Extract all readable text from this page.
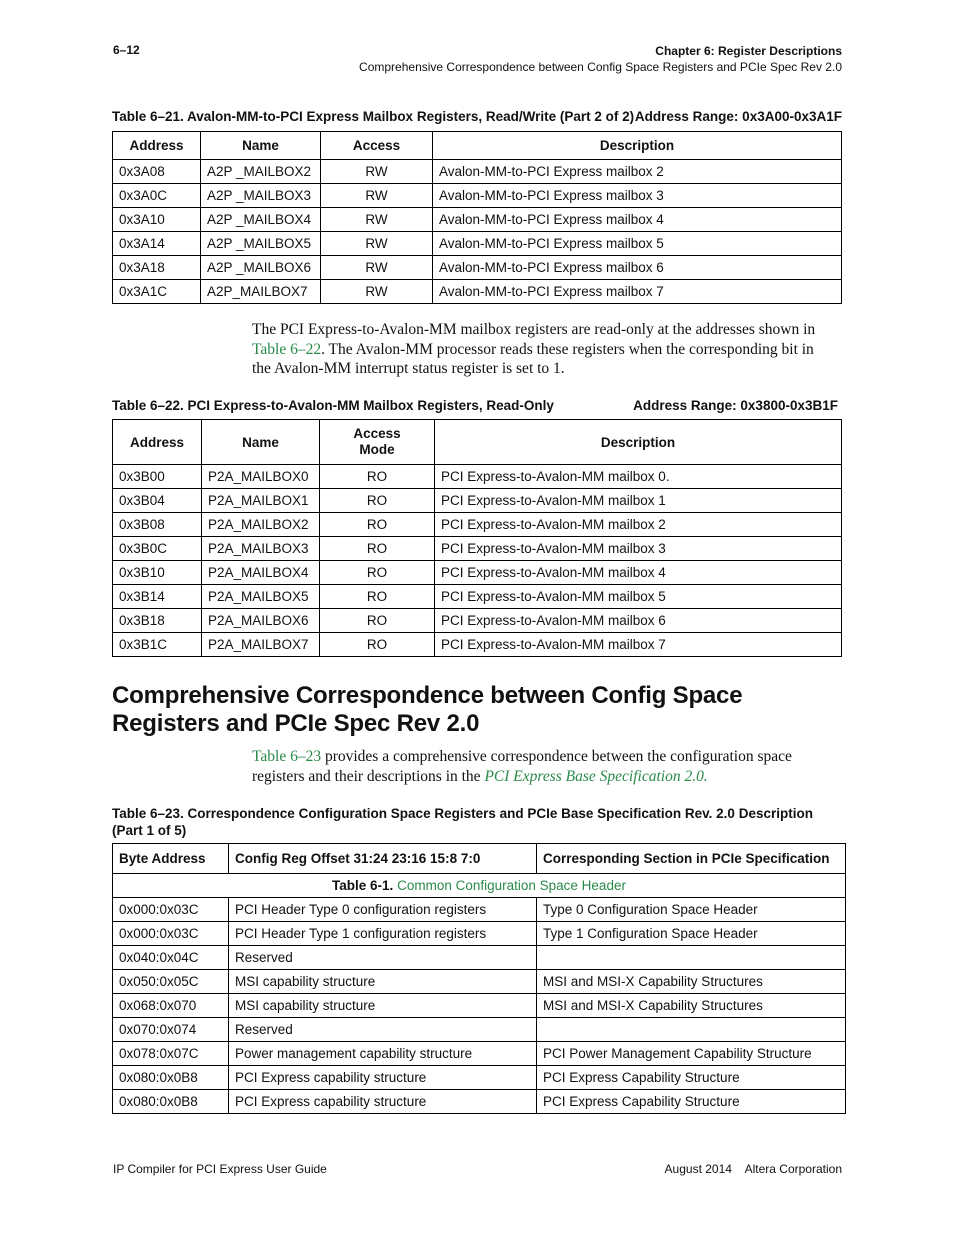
6–12	Chapter 6: Register Descriptions
Comprehensive Correspondence between Config Space Registers and PCIe Spec Rev 2.0
Table 6–21. Avalon-MM-to-PCI Express Mailbox Registers, Read/Write (Part 2 of 2) Address Range: 0x3A00-0x3A1F
Address	Name	Access	Description
0x3A08	A2P _MAILBOX2	RW	Avalon-MM-to-PCI Express mailbox 2
0x3A0C	A2P _MAILBOX3	RW	Avalon-MM-to-PCI Express mailbox 3
0x3A10	A2P _MAILBOX4	RW	Avalon-MM-to-PCI Express mailbox 4
0x3A14	A2P _MAILBOX5	RW	Avalon-MM-to-PCI Express mailbox 5
0x3A18	A2P _MAILBOX6	RW	Avalon-MM-to-PCI Express mailbox 6
0x3A1C	A2P_MAILBOX7	RW	Avalon-MM-to-PCI Express mailbox 7
The PCI Express-to-Avalon-MM mailbox registers are read-only at the addresses shown in Table 6–22. The Avalon-MM processor reads these registers when the corresponding bit in the Avalon-MM interrupt status register is set to 1.
Table 6–22. PCI Express-to-Avalon-MM Mailbox Registers, Read-Only	Address Range: 0x3800-0x3B1F
Address	Name	Access Mode	Description
0x3B00	P2A_MAILBOX0	RO	PCI Express-to-Avalon-MM mailbox 0.
0x3B04	P2A_MAILBOX1	RO	PCI Express-to-Avalon-MM mailbox 1
0x3B08	P2A_MAILBOX2	RO	PCI Express-to-Avalon-MM mailbox 2
0x3B0C	P2A_MAILBOX3	RO	PCI Express-to-Avalon-MM mailbox 3
0x3B10	P2A_MAILBOX4	RO	PCI Express-to-Avalon-MM mailbox 4
0x3B14	P2A_MAILBOX5	RO	PCI Express-to-Avalon-MM mailbox 5
0x3B18	P2A_MAILBOX6	RO	PCI Express-to-Avalon-MM mailbox 6
0x3B1C	P2A_MAILBOX7	RO	PCI Express-to-Avalon-MM mailbox 7
Comprehensive Correspondence between Config Space Registers and PCIe Spec Rev 2.0
Table 6–23 provides a comprehensive correspondence between the configuration space registers and their descriptions in the PCI Express Base Specification 2.0.
Table 6–23. Correspondence Configuration Space Registers and PCIe Base Specification Rev. 2.0 Description (Part 1 of 5)
Byte Address	Config Reg Offset 31:24 23:16 15:8 7:0	Corresponding Section in PCIe Specification
Table 6-1. Common Configuration Space Header		
0x000:0x03C	PCI Header Type 0 configuration registers	Type 0 Configuration Space Header
0x000:0x03C	PCI Header Type 1 configuration registers	Type 1 Configuration Space Header
0x040:0x04C	Reserved	
0x050:0x05C	MSI capability structure	MSI and MSI-X Capability Structures
0x068:0x070	MSI capability structure	MSI and MSI-X Capability Structures
0x070:0x074	Reserved	
0x078:0x07C	Power management capability structure	PCI Power Management Capability Structure
0x080:0x0B8	PCI Express capability structure	PCI Express Capability Structure
0x080:0x0B8	PCI Express capability structure	PCI Express Capability Structure
IP Compiler for PCI Express User Guide	August 2014    Altera Corporation
